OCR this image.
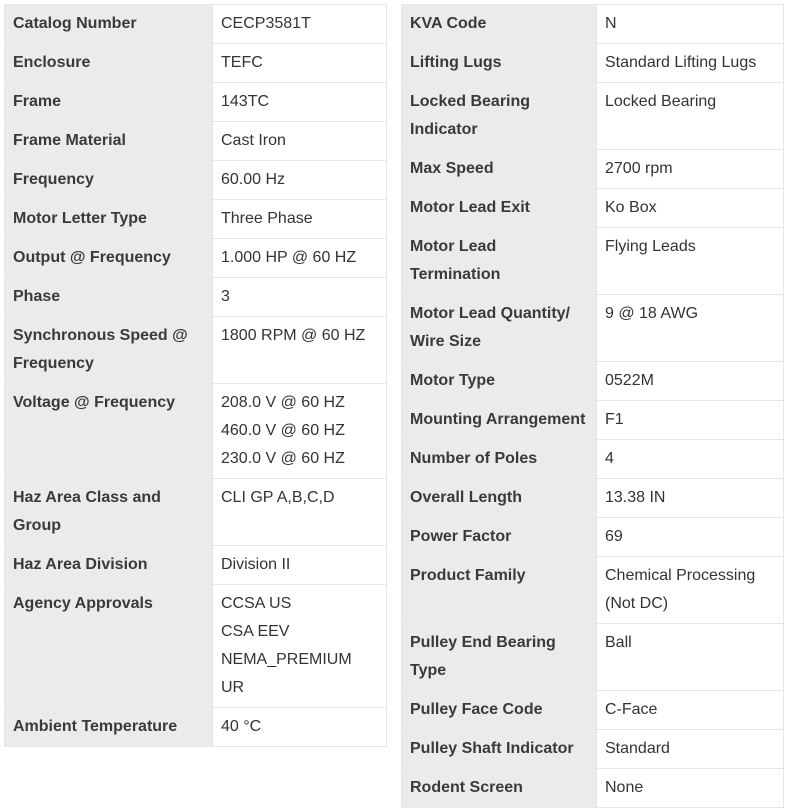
Catalog Number	CECP3581T

Enclosure	TEFC

Frame	143TC

Frame Material	Cast Iron

Frequency	60.00 Hz

Motor Letter Type	Three Phase

Output @ Frequency	1.000 HP @ 60 HZ

Phase	3

Synchronous Speed @ Frequency	1800 RPM @ 60 HZ

Voltage @ Frequency	208.0 V @ 60 HZ
460.0 V @ 60 HZ
230.0 V @ 60 HZ

Haz Area Class and Group	CLI GP A,B,C,D

Haz Area Division	Division II

Agency Approvals	CCSA US
CSA EEV
NEMA_PREMIUM
UR

Ambient Temperature	40 °C
KVA Code	N

Lifting Lugs	Standard Lifting Lugs

Locked Bearing Indicator	Locked Bearing

Max Speed	2700 rpm

Motor Lead Exit	Ko Box

Motor Lead Termination	Flying Leads

Motor Lead Quantity/ Wire Size	9 @ 18 AWG

Motor Type	0522M

Mounting Arrangement	F1

Number of Poles	4

Overall Length	13.38 IN

Power Factor	69

Product Family	Chemical Processing (Not DC)

Pulley End Bearing Type	Ball

Pulley Face Code	C-Face

Pulley Shaft Indicator	Standard

Rodent Screen	None
